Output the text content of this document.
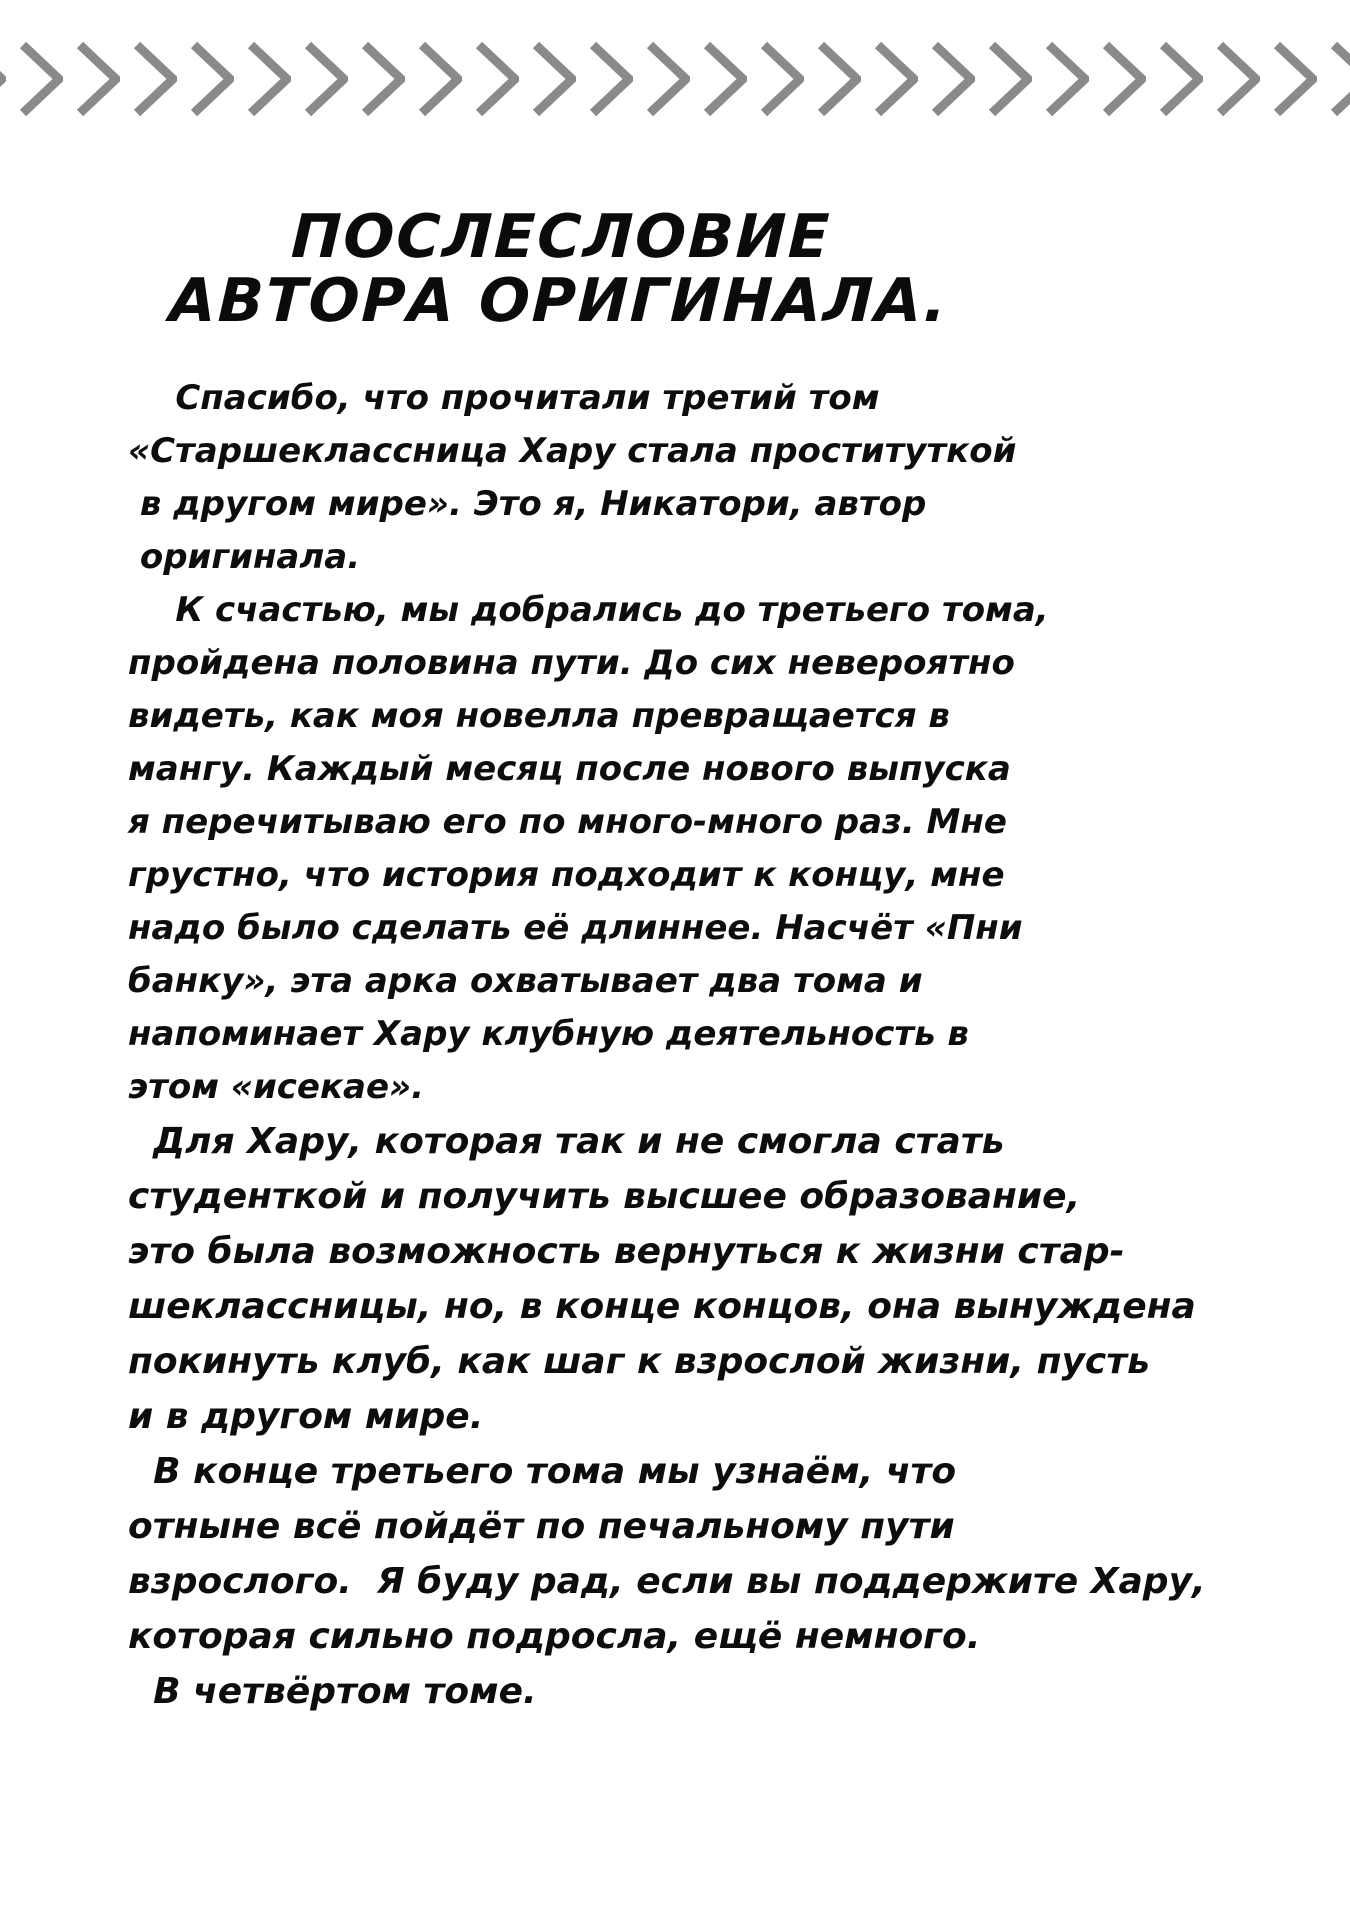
ПОСЛЕСЛОВИЕ
АВТОРА ОРИГИНАЛА.
Спасибо, что прочитали третий том
«Старшеклассница Хару стала проституткой
в другом мире». Это я, Никатори, автор
оригинала.
К счастью, мы добрались до третьего тома,
пройдена половина пути. До сих невероятно
видеть, как моя новелла превращается в
мангу. Каждый месяц после нового выпуска
я перечитываю его по много-много раз. Мне
грустно, что история подходит к концу, мне
надо было сделать её длиннее. Насчёт «Пни
банку», эта арка охватывает два тома и
напоминает Хару клубную деятельность в
этом «исекае».
Для Хару, которая так и не смогла стать
студенткой и получить высшее образование,
это была возможность вернуться к жизни стар-
шеклассницы, но, в конце концов, она вынуждена
покинуть клуб, как шаг к взрослой жизни, пусть
и в другом мире.
В конце третьего тома мы узнаём, что
отныне всё пойдёт по печальному пути
взрослого.  Я буду рад, если вы поддержите Хару,
которая сильно подросла, ещё немного.
В четвёртом томе.
